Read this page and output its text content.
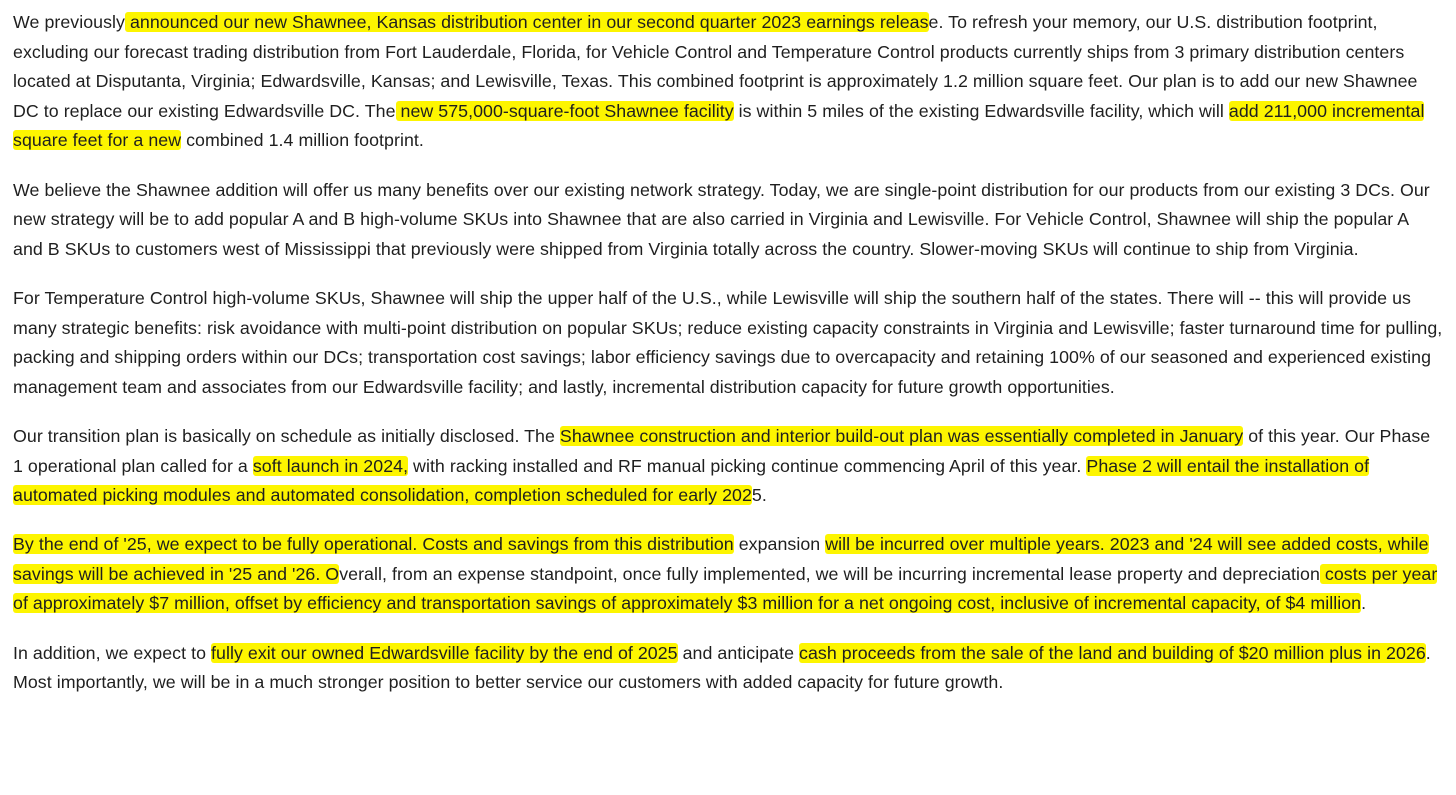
We previously announced our new Shawnee, Kansas distribution center in our second quarter 2023 earnings release. To refresh your memory, our U.S. distribution footprint, excluding our forecast trading distribution from Fort Lauderdale, Florida, for Vehicle Control and Temperature Control products currently ships from 3 primary distribution centers located at Disputanta, Virginia; Edwardsville, Kansas; and Lewisville, Texas. This combined footprint is approximately 1.2 million square feet. Our plan is to add our new Shawnee DC to replace our existing Edwardsville DC. The new 575,000-square-foot Shawnee facility is within 5 miles of the existing Edwardsville facility, which will add 211,000 incremental square feet for a new combined 1.4 million footprint.

We believe the Shawnee addition will offer us many benefits over our existing network strategy. Today, we are single-point distribution for our products from our existing 3 DCs. Our new strategy will be to add popular A and B high-volume SKUs into Shawnee that are also carried in Virginia and Lewisville. For Vehicle Control, Shawnee will ship the popular A and B SKUs to customers west of Mississippi that previously were shipped from Virginia totally across the country. Slower-moving SKUs will continue to ship from Virginia.

For Temperature Control high-volume SKUs, Shawnee will ship the upper half of the U.S., while Lewisville will ship the southern half of the states. There will -- this will provide us many strategic benefits: risk avoidance with multi-point distribution on popular SKUs; reduce existing capacity constraints in Virginia and Lewisville; faster turnaround time for pulling, packing and shipping orders within our DCs; transportation cost savings; labor efficiency savings due to overcapacity and retaining 100% of our seasoned and experienced existing management team and associates from our Edwardsville facility; and lastly, incremental distribution capacity for future growth opportunities.

Our transition plan is basically on schedule as initially disclosed. The Shawnee construction and interior build-out plan was essentially completed in January of this year. Our Phase 1 operational plan called for a soft launch in 2024, with racking installed and RF manual picking continue commencing April of this year. Phase 2 will entail the installation of automated picking modules and automated consolidation, completion scheduled for early 2025.

By the end of '25, we expect to be fully operational. Costs and savings from this distribution expansion will be incurred over multiple years. 2023 and '24 will see added costs, while savings will be achieved in '25 and '26. Overall, from an expense standpoint, once fully implemented, we will be incurring incremental lease property and depreciation costs per year of approximately $7 million, offset by efficiency and transportation savings of approximately $3 million for a net ongoing cost, inclusive of incremental capacity, of $4 million.

In addition, we expect to fully exit our owned Edwardsville facility by the end of 2025 and anticipate cash proceeds from the sale of the land and building of $20 million plus in 2026. Most importantly, we will be in a much stronger position to better service our customers with added capacity for future growth.
